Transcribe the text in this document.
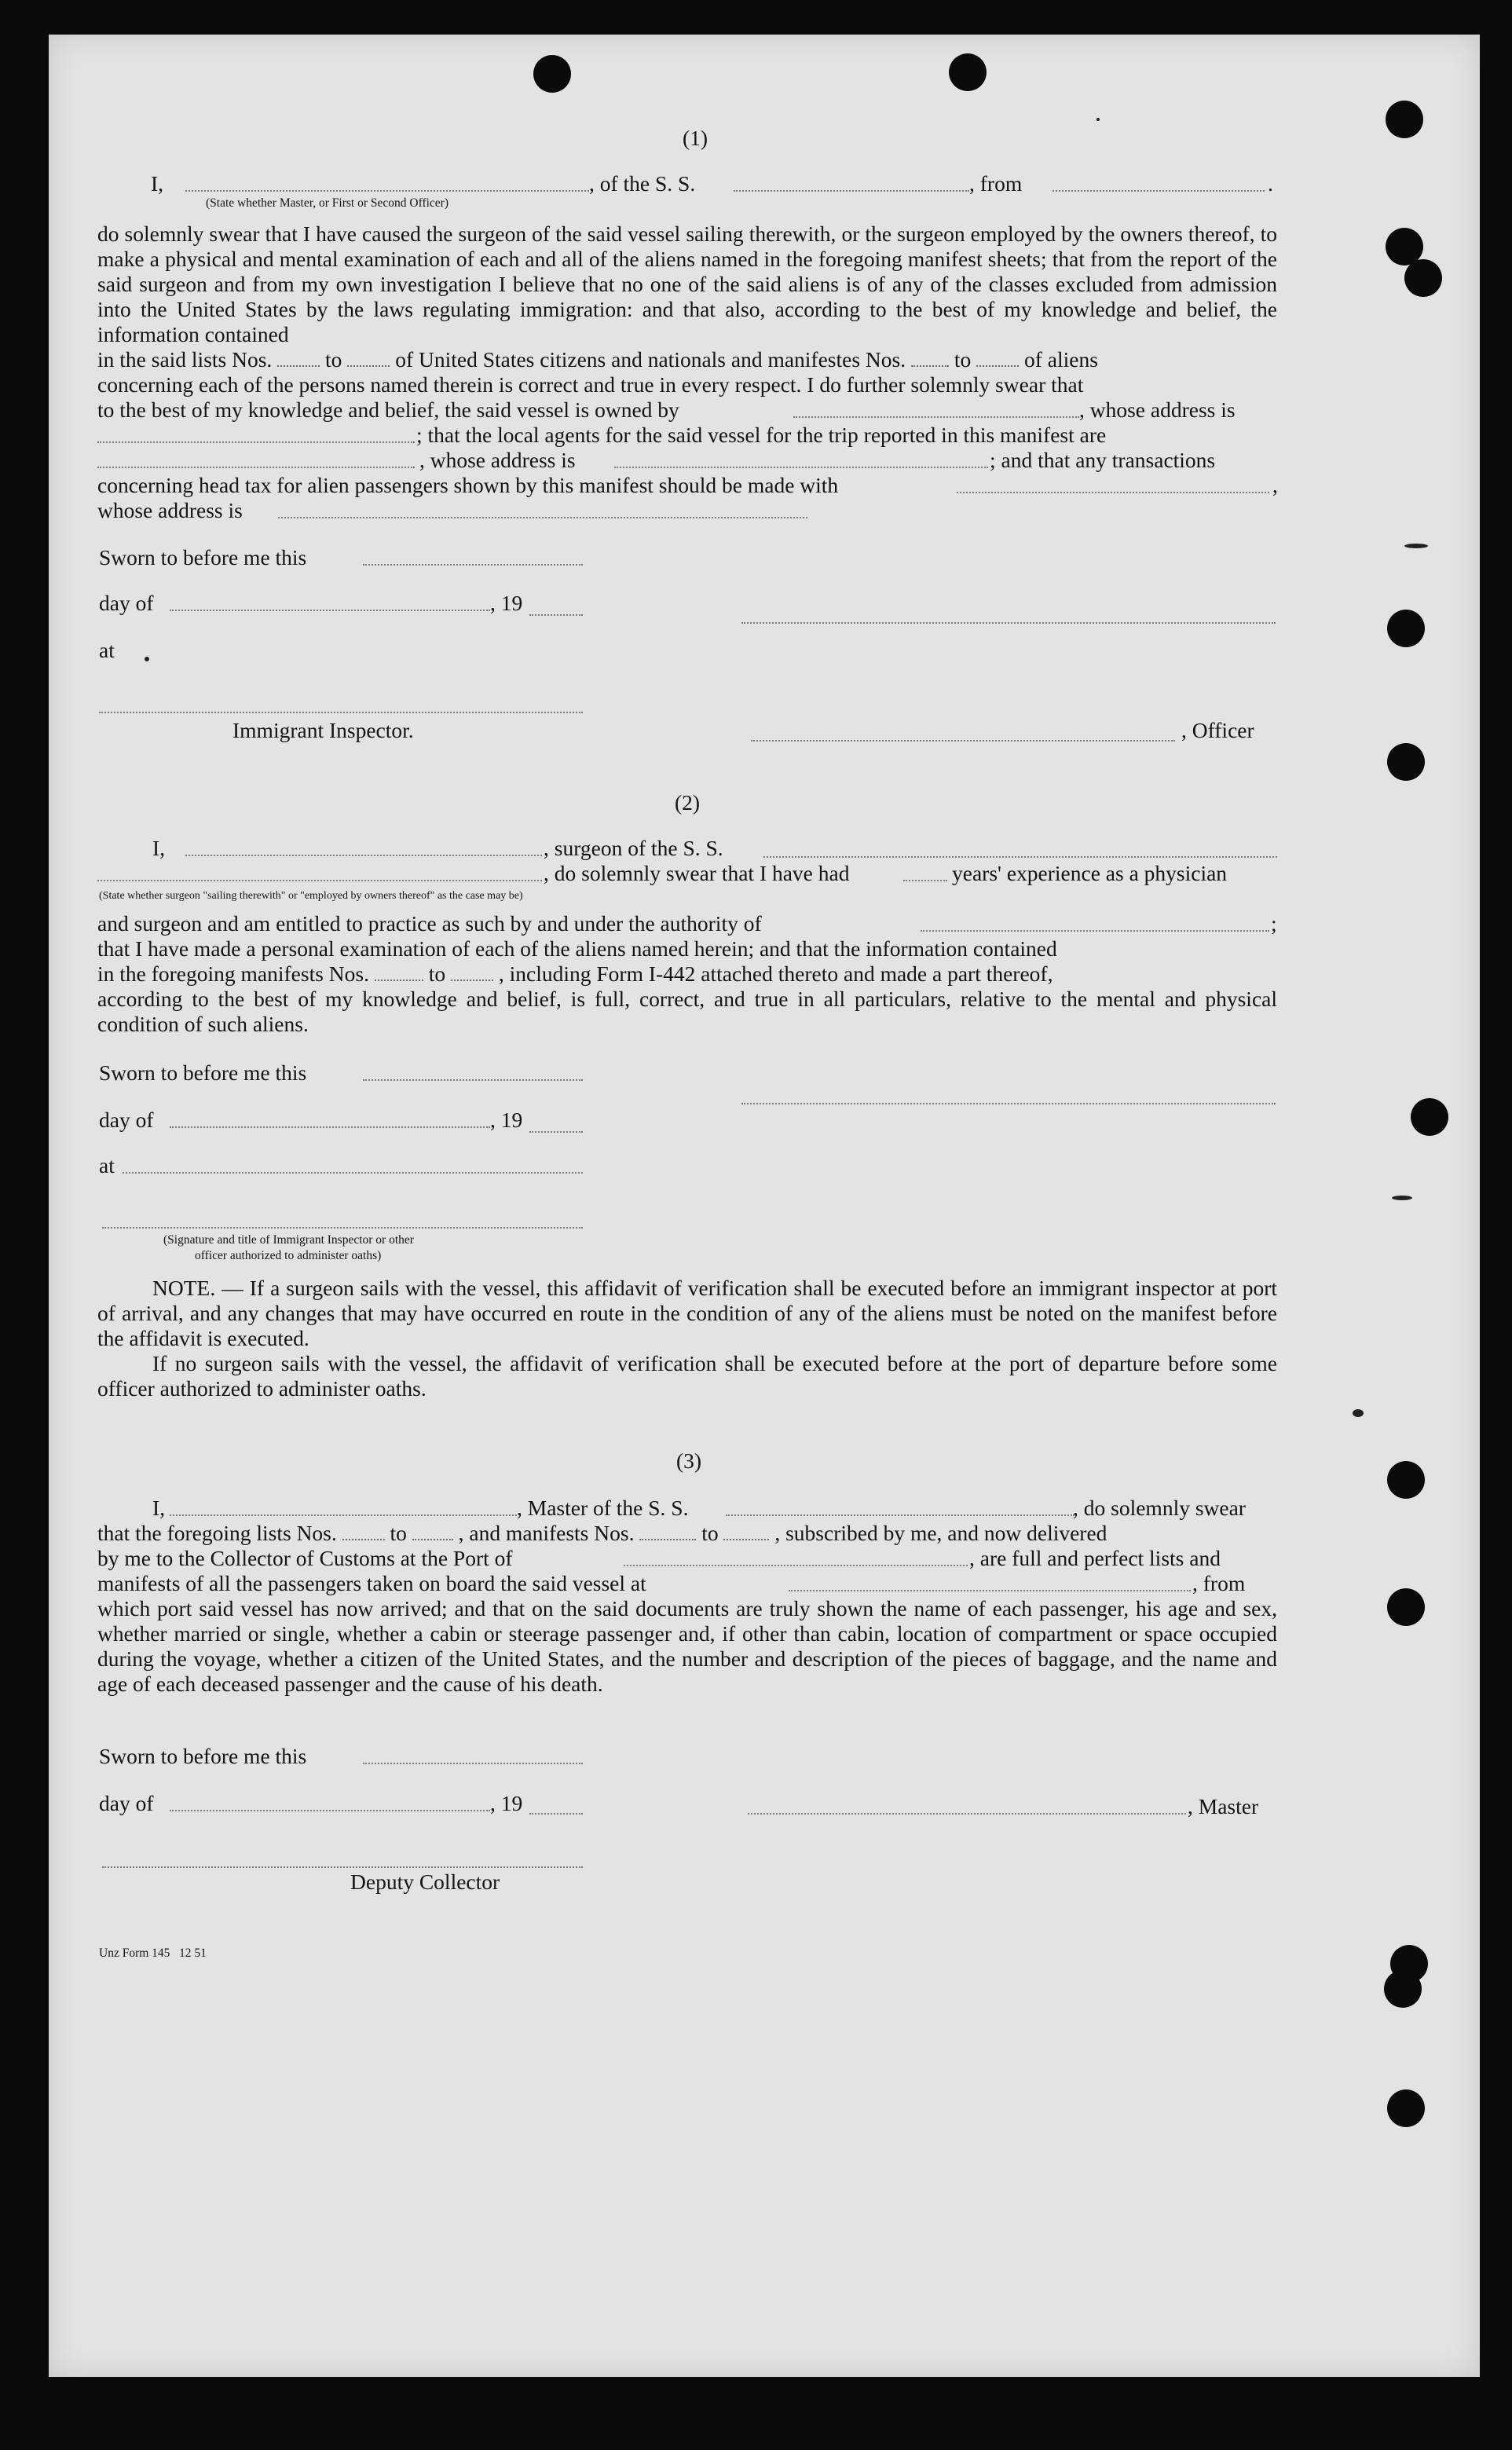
(1)
I,	, of the S. S.	, from	.
(State whether Master, or First or Second Officer)
do solemnly swear that I have caused the surgeon of the said vessel sailing therewith, or the surgeon employed by the owners thereof, to make a physical and mental examination of each and all of the aliens named in the foregoing manifest sheets; that from the report of the said surgeon and from my own investigation I believe that no one of the said aliens is of any of the classes excluded from admission into the United States by the laws regulating immigration: and that also, according to the best of my knowledge and belief, the information contained
in the said lists Nos. to of United States citizens and nationals and manifestes Nos. to of aliens
concerning each of the persons named therein is correct and true in every respect. I do further solemnly swear that
to the best of my knowledge and belief, the said vessel is owned by	, whose address is
; that the local agents for the said vessel for the trip reported in this manifest are
, whose address is	; and that any transactions
concerning head tax for alien passengers shown by this manifest should be made with	,
whose address is
Sworn to before me this
day of	, 19
at
Immigrant Inspector.	, Officer
(2)
I,	, surgeon of the S. S.
, do solemnly swear that I have had	years' experience as a physician
(State whether surgeon "sailing therewith" or "employed by owners thereof" as the case may be)
and surgeon and am entitled to practice as such by and under the authority of	;
that I have made a personal examination of each of the aliens named herein; and that the information contained
in the foregoing manifests Nos.	to , including Form I-442 attached thereto and made a part thereof,
according to the best of my knowledge and belief, is full, correct, and true in all particulars, relative to the mental and physical condition of such aliens.
Sworn to before me this
day of	, 19
at
(Signature and title of Immigrant Inspector or other
officer authorized to administer oaths)
NOTE. — If a surgeon sails with the vessel, this affidavit of verification shall be executed before an immigrant inspector at port of arrival, and any changes that may have occurred en route in the condition of any of the aliens must be noted on the manifest before the affidavit is executed.
If no surgeon sails with the vessel, the affidavit of verification shall be executed before at the port of departure before some officer authorized to administer oaths.
(3)
I,	, Master of the S. S.	, do solemnly swear
that the foregoing lists Nos. to , and manifests Nos.	to	, subscribed by me, and now delivered
by me to the Collector of Customs at the Port of	, are full and perfect lists and
manifests of all the passengers taken on board the said vessel at	, from
which port said vessel has now arrived; and that on the said documents are truly shown the name of each passenger, his age and sex, whether married or single, whether a cabin or steerage passenger and, if other than cabin, location of compartment or space occupied during the voyage, whether a citizen of the United States, and the number and description of the pieces of baggage, and the name and age of each deceased passenger and the cause of his death.
Sworn to before me this
day of	, 19	, Master
Deputy Collector
Unz Form 145   12 51
